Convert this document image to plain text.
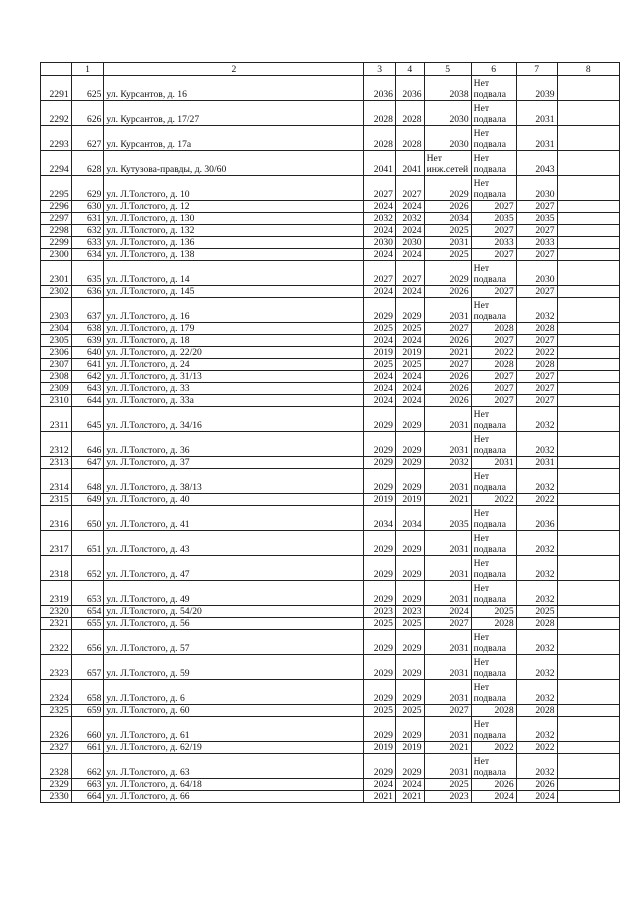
	1	2	3	4	5	6	7	8
2291	625	ул. Курсантов, д. 16	2036	2036	2038	Нет подвала	2039	
2292	626	ул. Курсантов, д. 17/27	2028	2028	2030	Нет подвала	2031	
2293	627	ул. Курсантов, д. 17а	2028	2028	2030	Нет подвала	2031	
2294	628	ул. Кутузова-правды, д. 30/60	2041	2041	Нет инж.сетей	Нет подвала	2043	
2295	629	ул. Л.Толстого, д. 10	2027	2027	2029	Нет подвала	2030	
2296	630	ул. Л.Толстого, д. 12	2024	2024	2026	2027	2027	
2297	631	ул. Л.Толстого, д. 130	2032	2032	2034	2035	2035	
2298	632	ул. Л.Толстого, д. 132	2024	2024	2025	2027	2027	
2299	633	ул. Л.Толстого, д. 136	2030	2030	2031	2033	2033	
2300	634	ул. Л.Толстого, д. 138	2024	2024	2025	2027	2027	
2301	635	ул. Л.Толстого, д. 14	2027	2027	2029	Нет подвала	2030	
2302	636	ул. Л.Толстого, д. 145	2024	2024	2026	2027	2027	
2303	637	ул. Л.Толстого, д. 16	2029	2029	2031	Нет подвала	2032	
2304	638	ул. Л.Толстого, д. 179	2025	2025	2027	2028	2028	
2305	639	ул. Л.Толстого, д. 18	2024	2024	2026	2027	2027	
2306	640	ул. Л.Толстого, д. 22/20	2019	2019	2021	2022	2022	
2307	641	ул. Л.Толстого, д. 24	2025	2025	2027	2028	2028	
2308	642	ул. Л.Толстого, д. 31/13	2024	2024	2026	2027	2027	
2309	643	ул. Л.Толстого, д. 33	2024	2024	2026	2027	2027	
2310	644	ул. Л.Толстого, д. 33а	2024	2024	2026	2027	2027	
2311	645	ул. Л.Толстого, д. 34/16	2029	2029	2031	Нет подвала	2032	
2312	646	ул. Л.Толстого, д. 36	2029	2029	2031	Нет подвала	2032	
2313	647	ул. Л.Толстого, д. 37	2029	2029	2032	2031	2031	
2314	648	ул. Л.Толстого, д. 38/13	2029	2029	2031	Нет подвала	2032	
2315	649	ул. Л.Толстого, д. 40	2019	2019	2021	2022	2022	
2316	650	ул. Л.Толстого, д. 41	2034	2034	2035	Нет подвала	2036	
2317	651	ул. Л.Толстого, д. 43	2029	2029	2031	Нет подвала	2032	
2318	652	ул. Л.Толстого, д. 47	2029	2029	2031	Нет подвала	2032	
2319	653	ул. Л.Толстого, д. 49	2029	2029	2031	Нет подвала	2032	
2320	654	ул. Л.Толстого, д. 54/20	2023	2023	2024	2025	2025	
2321	655	ул. Л.Толстого, д. 56	2025	2025	2027	2028	2028	
2322	656	ул. Л.Толстого, д. 57	2029	2029	2031	Нет подвала	2032	
2323	657	ул. Л.Толстого, д. 59	2029	2029	2031	Нет подвала	2032	
2324	658	ул. Л.Толстого, д. 6	2029	2029	2031	Нет подвала	2032	
2325	659	ул. Л.Толстого, д. 60	2025	2025	2027	2028	2028	
2326	660	ул. Л.Толстого, д. 61	2029	2029	2031	Нет подвала	2032	
2327	661	ул. Л.Толстого, д. 62/19	2019	2019	2021	2022	2022	
2328	662	ул. Л.Толстого, д. 63	2029	2029	2031	Нет подвала	2032	
2329	663	ул. Л.Толстого, д. 64/18	2024	2024	2025	2026	2026	
2330	664	ул. Л.Толстого, д. 66	2021	2021	2023	2024	2024	
